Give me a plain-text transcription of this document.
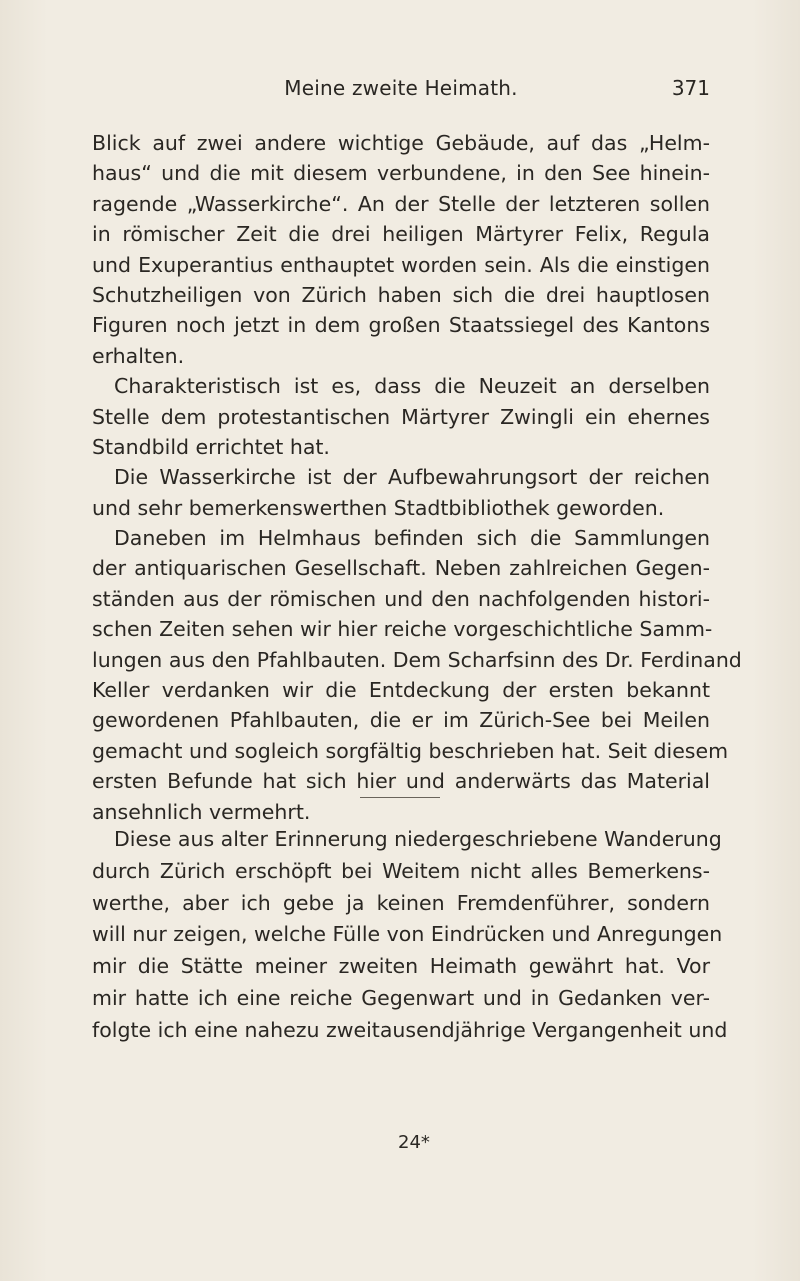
Meine zweite Heimath.	371
Blick auf zwei andere wichtige Gebäude, auf das „Helm-
haus“ und die mit diesem verbundene, in den See hinein-
ragende „Wasserkirche“. An der Stelle der letzteren sollen
in römischer Zeit die drei heiligen Märtyrer Felix, Regula
und Exuperantius enthauptet worden sein. Als die einstigen
Schutzheiligen von Zürich haben sich die drei hauptlosen
Figuren noch jetzt in dem großen Staatssiegel des Kantons
erhalten.
Charakteristisch ist es, dass die Neuzeit an derselben
Stelle dem protestantischen Märtyrer Zwingli ein ehernes
Standbild errichtet hat.
Die Wasserkirche ist der Aufbewahrungsort der reichen
und sehr bemerkenswerthen Stadtbibliothek geworden.
Daneben im Helmhaus befinden sich die Sammlungen
der antiquarischen Gesellschaft. Neben zahlreichen Gegen-
ständen aus der römischen und den nachfolgenden histori-
schen Zeiten sehen wir hier reiche vorgeschichtliche Samm-
lungen aus den Pfahlbauten. Dem Scharfsinn des Dr. Ferdinand
Keller verdanken wir die Entdeckung der ersten bekannt
gewordenen Pfahlbauten, die er im Zürich-See bei Meilen
gemacht und sogleich sorgfältig beschrieben hat. Seit diesem
ersten Befunde hat sich hier und anderwärts das Material
ansehnlich vermehrt.
Diese aus alter Erinnerung niedergeschriebene Wanderung
durch Zürich erschöpft bei Weitem nicht alles Bemerkens-
werthe, aber ich gebe ja keinen Fremdenführer, sondern
will nur zeigen, welche Fülle von Eindrücken und Anregungen
mir die Stätte meiner zweiten Heimath gewährt hat. Vor
mir hatte ich eine reiche Gegenwart und in Gedanken ver-
folgte ich eine nahezu zweitausendjährige Vergangenheit und
24*
